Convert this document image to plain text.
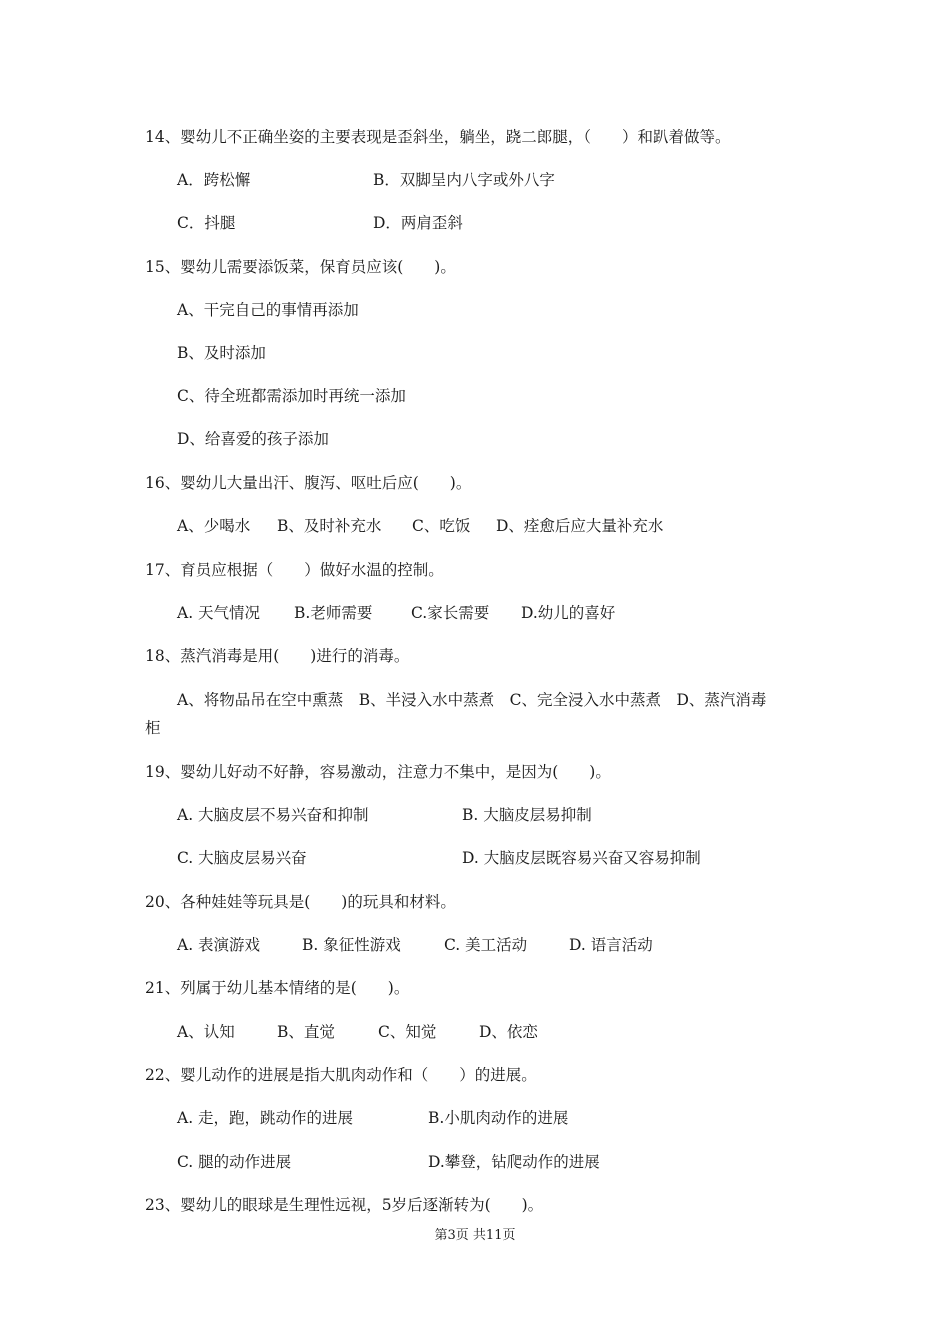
14、婴幼儿不正确坐姿的主要表现是歪斜坐，躺坐，跷二郎腿，（　　）和趴着做等。
A．跨松懈	B．双脚呈内八字或外八字
C．抖腿	D．两肩歪斜
15、婴幼儿需要添饭菜，保育员应该(　　)。
A、干完自己的事情再添加
B、及时添加
C、待全班都需添加时再统一添加
D、给喜爱的孩子添加
16、婴幼儿大量出汗、腹泻、呕吐后应(　　)。
A、少喝水 B、及时补充水 C、吃饭 D、痊愈后应大量补充水
17、育员应根据（　　）做好水温的控制。
A. 天气情况 B.老师需要 C.家长需要 D.幼儿的喜好
18、蒸汽消毒是用(　　)进行的消毒。
A、将物品吊在空中熏蒸　B、半浸入水中蒸煮　C、完全浸入水中蒸煮　D、蒸汽消毒
柜
19、婴幼儿好动不好静，容易激动，注意力不集中，是因为(　　)。
A. 大脑皮层不易兴奋和抑制	B. 大脑皮层易抑制
C. 大脑皮层易兴奋	D. 大脑皮层既容易兴奋又容易抑制
20、各种娃娃等玩具是(　　)的玩具和材料。
A. 表演游戏	B. 象征性游戏	C. 美工活动	D. 语言活动
21、列属于幼儿基本情绪的是(　　)。
A、认知	B、直觉	C、知觉	D、依恋
22、婴儿动作的进展是指大肌肉动作和（　　）的进展。
A. 走，跑，跳动作的进展	B.小肌肉动作的进展
C. 腿的动作进展	D.攀登，钻爬动作的进展
23、婴幼儿的眼球是生理性远视，5岁后逐渐转为(　　)。
第3页 共11页
